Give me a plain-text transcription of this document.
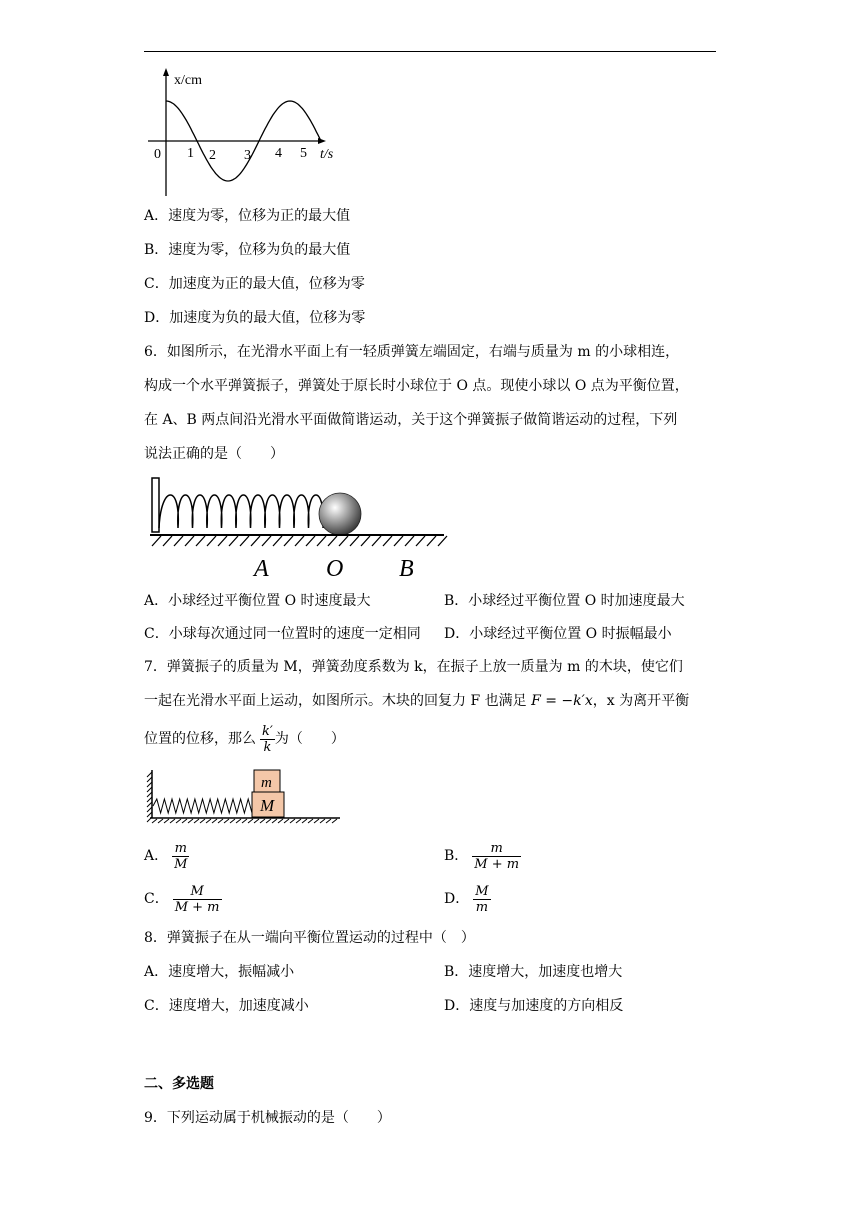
x/cm
0 1 2 3 4 5 t/s
A．速度为零，位移为正的最大值
B．速度为零，位移为负的最大值
C．加速度为正的最大值，位移为零
D．加速度为负的最大值，位移为零
6．如图所示，在光滑水平面上有一轻质弹簧左端固定，右端与质量为 m 的小球相连，
构成一个水平弹簧振子，弹簧处于原长时小球位于 O 点。现使小球以 O 点为平衡位置，
在 A、B 两点间沿光滑水平面做简谐运动，关于这个弹簧振子做简谐运动的过程，下列
说法正确的是（　　）
A O B
A．小球经过平衡位置 O 时速度最大	B．小球经过平衡位置 O 时加速度最大
C．小球每次通过同一位置时的速度一定相同 D．小球经过平衡位置 O 时振幅最小
7．弹簧振子的质量为 M，弹簧劲度系数为 k，在振子上放一质量为 m 的木块，使它们
一起在光滑水平面上运动，如图所示。木块的回复力 F 也满足 F = −k′x，x 为离开平衡
位置的位移，那么 $\frac{k'}{k}$ 为（　　）
m
M
A． $\frac{m}{M}$	B． $\frac{m}{M + m}$
C． $\frac{M}{M + m}$	D． $\frac{M}{m}$
8．弹簧振子在从一端向平衡位置运动的过程中（　）
A．速度增大，振幅减小	B．速度增大，加速度也增大
C．速度增大，加速度减小	D．速度与加速度的方向相反
二、多选题
9．下列运动属于机械振动的是（　　）
